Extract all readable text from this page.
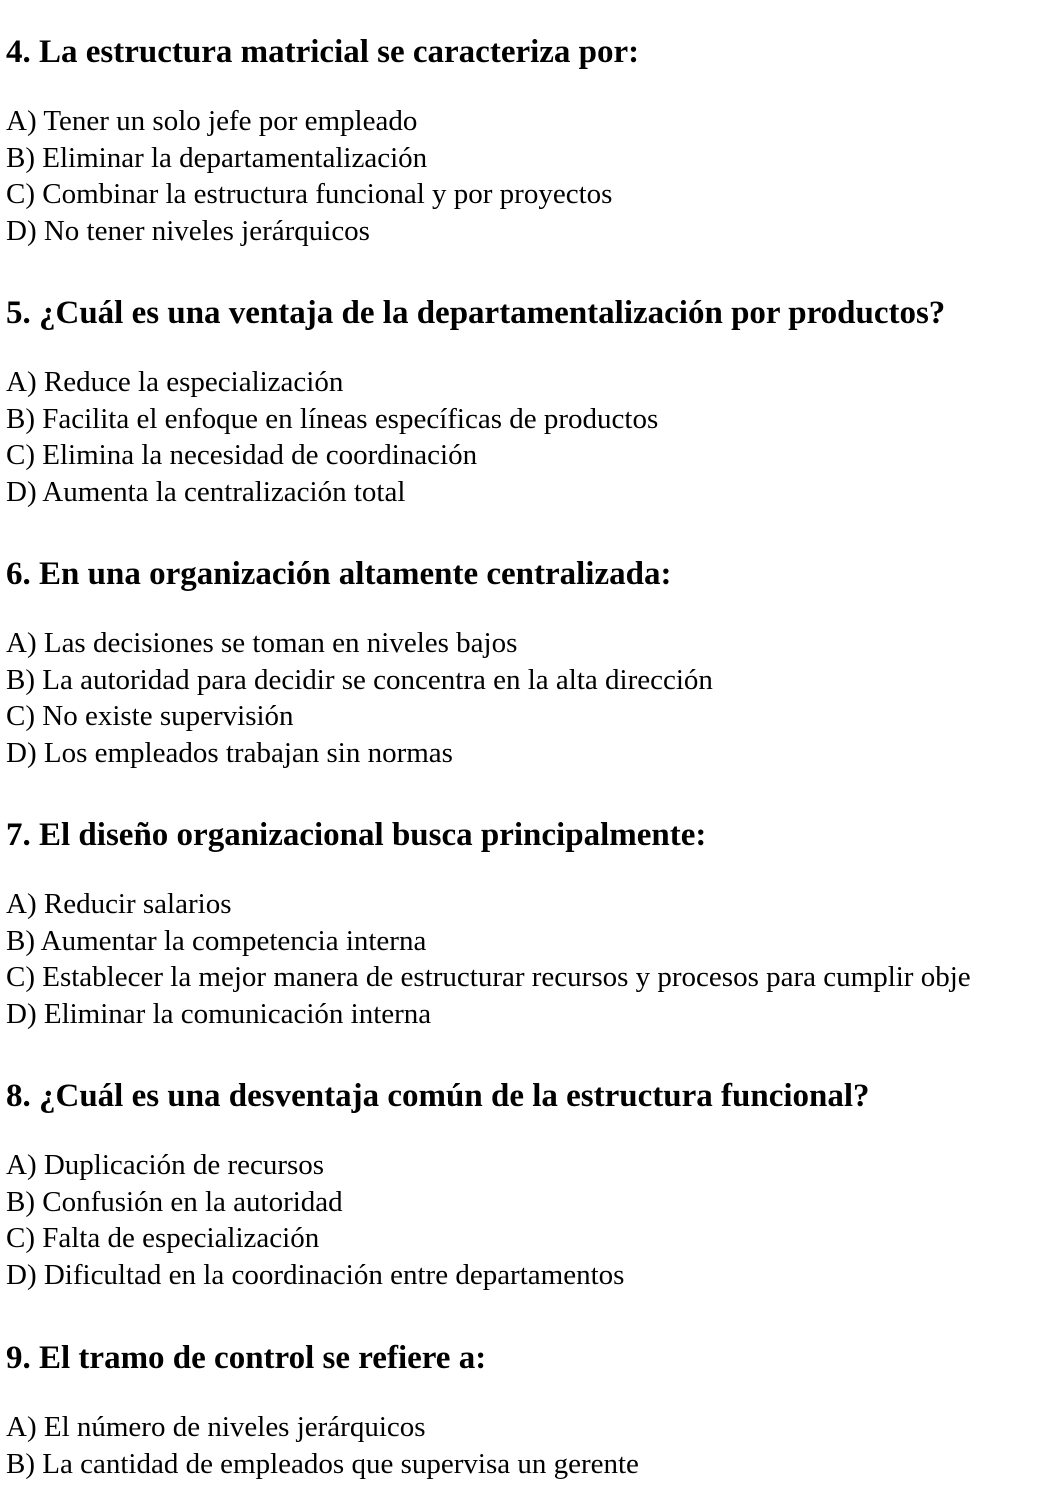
4. La estructura matricial se caracteriza por:
A) Tener un solo jefe por empleado
B) Eliminar la departamentalización
C) Combinar la estructura funcional y por proyectos
D) No tener niveles jerárquicos
5. ¿Cuál es una ventaja de la departamentalización por productos?
A) Reduce la especialización
B) Facilita el enfoque en líneas específicas de productos
C) Elimina la necesidad de coordinación
D) Aumenta la centralización total
6. En una organización altamente centralizada:
A) Las decisiones se toman en niveles bajos
B) La autoridad para decidir se concentra en la alta dirección
C) No existe supervisión
D) Los empleados trabajan sin normas
7. El diseño organizacional busca principalmente:
A) Reducir salarios
B) Aumentar la competencia interna
C) Establecer la mejor manera de estructurar recursos y procesos para cumplir obje
D) Eliminar la comunicación interna
8. ¿Cuál es una desventaja común de la estructura funcional?
A) Duplicación de recursos
B) Confusión en la autoridad
C) Falta de especialización
D) Dificultad en la coordinación entre departamentos
9. El tramo de control se refiere a:
A) El número de niveles jerárquicos
B) La cantidad de empleados que supervisa un gerente
